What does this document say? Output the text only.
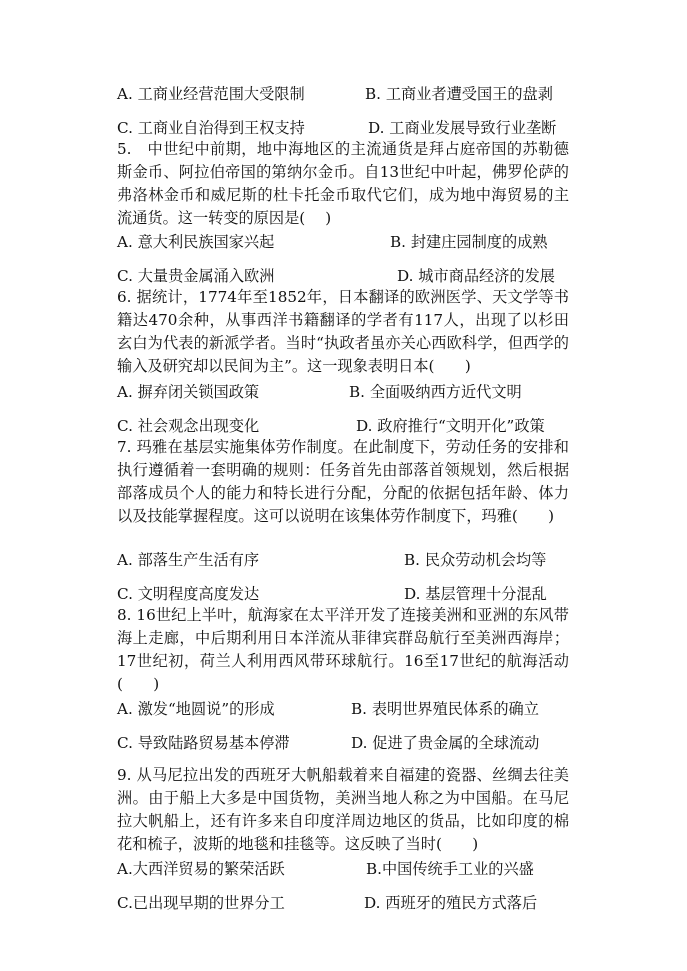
A. 工商业经营范围大受限制	B. 工商业者遭受国王的盘剥
C. 工商业自治得到王权支持	D. 工商业发展导致行业垄断
5.　中世纪中前期，地中海地区的主流通货是拜占庭帝国的苏勒德斯金币、阿拉伯帝国的第纳尔金币。自13世纪中叶起，佛罗伦萨的弗洛林金币和威尼斯的杜卡托金币取代它们，成为地中海贸易的主流通货。这一转变的原因是(　 )
A. 意大利民族国家兴起	B. 封建庄园制度的成熟
C. 大量贵金属涌入欧洲	D. 城市商品经济的发展
6. 据统计，1774年至1852年，日本翻译的欧洲医学、天文学等书籍达470余种，从事西洋书籍翻译的学者有117人，出现了以杉田玄白为代表的新派学者。当时“执政者虽亦关心西欧科学，但西学的输入及研究却以民间为主”。这一现象表明日本(　　)
A. 摒弃闭关锁国政策	B. 全面吸纳西方近代文明
C. 社会观念出现变化	D. 政府推行“文明开化”政策
7. 玛雅在基层实施集体劳作制度。在此制度下，劳动任务的安排和执行遵循着一套明确的规则：任务首先由部落首领规划，然后根据部落成员个人的能力和特长进行分配，分配的依据包括年龄、体力以及技能掌握程度。这可以说明在该集体劳作制度下，玛雅(　　)
A. 部落生产生活有序	B. 民众劳动机会均等
C. 文明程度高度发达	D. 基层管理十分混乱
8. 16世纪上半叶，航海家在太平洋开发了连接美洲和亚洲的东风带海上走廊，中后期利用日本洋流从菲律宾群岛航行至美洲西海岸；17世纪初，荷兰人利用西风带环球航行。16至17世纪的航海活动(　　)
A. 激发“地圆说”的形成	B. 表明世界殖民体系的确立
C. 导致陆路贸易基本停滞	D. 促进了贵金属的全球流动
9. 从马尼拉出发的西班牙大帆船载着来自福建的瓷器、丝绸去往美洲。由于船上大多是中国货物，美洲当地人称之为中国船。在马尼拉大帆船上，还有许多来自印度洋周边地区的货品，比如印度的棉花和梳子，波斯的地毯和挂毯等。这反映了当时(　　)
A.大西洋贸易的繁荣活跃	B.中国传统手工业的兴盛
C.已出现早期的世界分工	D. 西班牙的殖民方式落后
